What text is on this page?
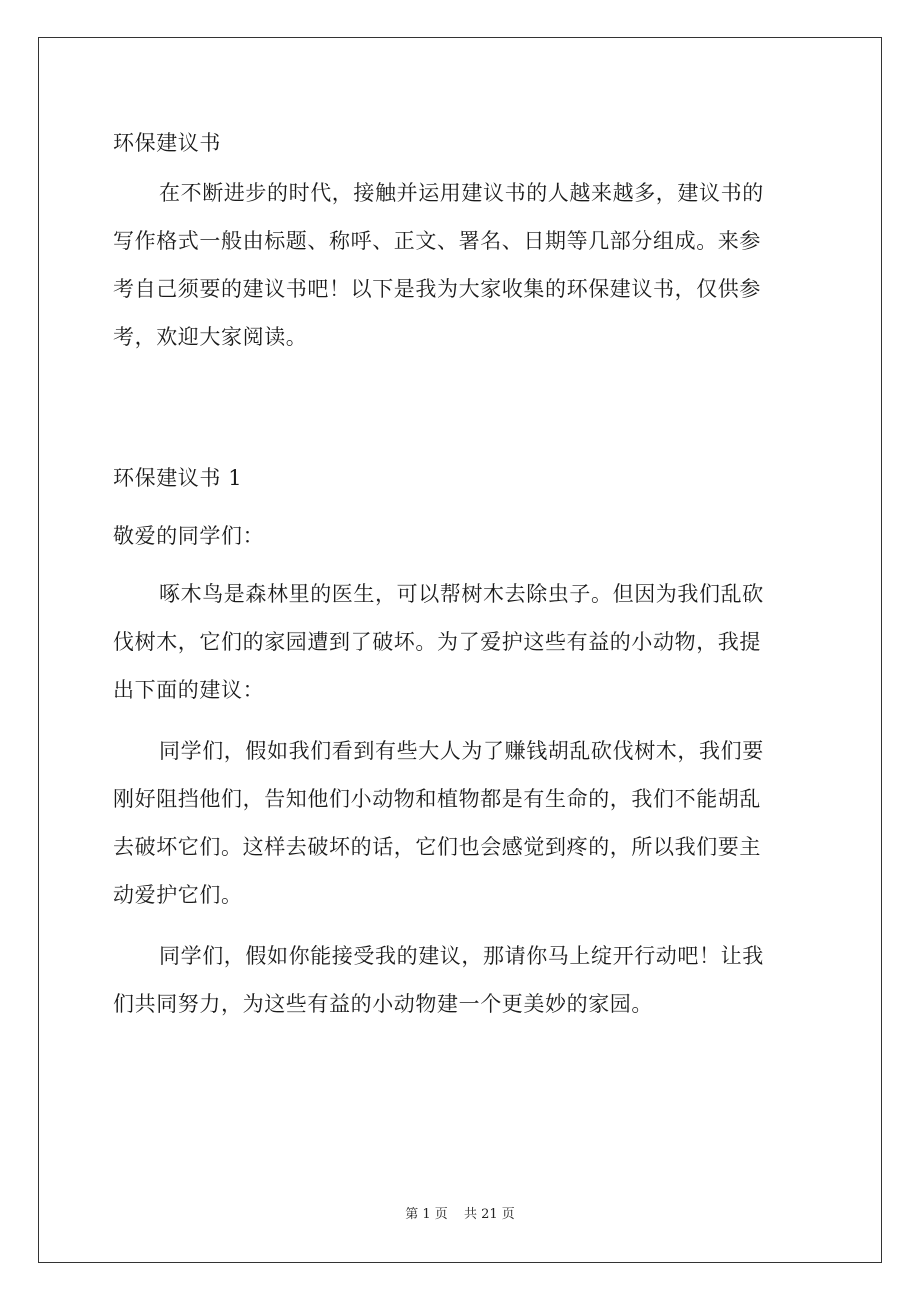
环保建议书
在不断进步的时代，接触并运用建议书的人越来越多，建议书的
写作格式一般由标题、称呼、正文、署名、日期等几部分组成。来参
考自己须要的建议书吧！以下是我为大家收集的环保建议书，仅供参
考，欢迎大家阅读。
环保建议书 1
敬爱的同学们：
啄木鸟是森林里的医生，可以帮树木去除虫子。但因为我们乱砍
伐树木，它们的家园遭到了破坏。为了爱护这些有益的小动物，我提
出下面的建议：
同学们，假如我们看到有些大人为了赚钱胡乱砍伐树木，我们要
刚好阻挡他们，告知他们小动物和植物都是有生命的，我们不能胡乱
去破坏它们。这样去破坏的话，它们也会感觉到疼的，所以我们要主
动爱护它们。
同学们，假如你能接受我的建议，那请你马上绽开行动吧！让我
们共同努力，为这些有益的小动物建一个更美妙的家园。
第 1 页 共 21 页
